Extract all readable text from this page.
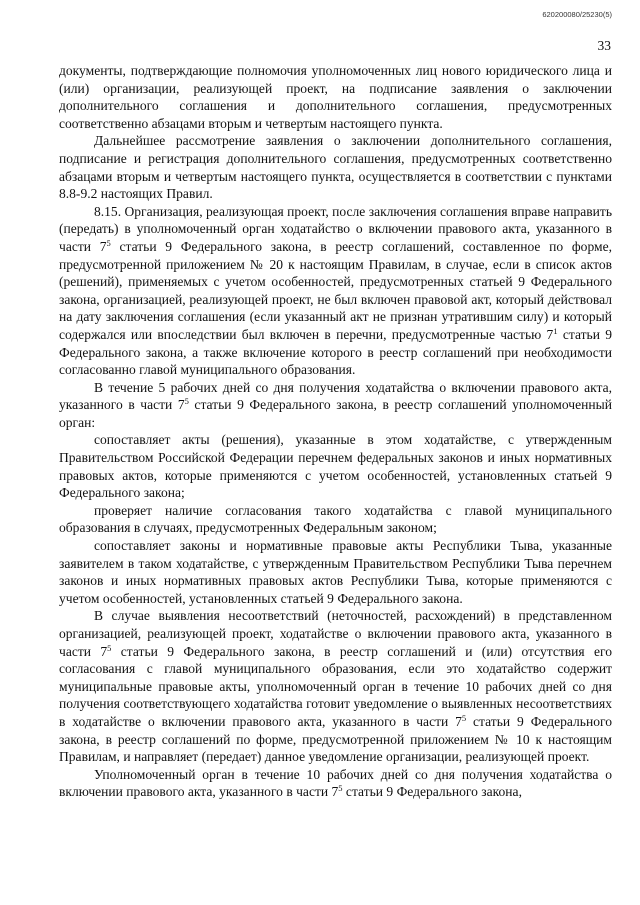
620200080/25230(5)
33

документы, подтверждающие полномочия уполномоченных лиц нового юридического лица и (или) организации, реализующей проект, на подписание заявления о заключении дополнительного соглашения и дополнительного соглашения, предусмотренных соответственно абзацами вторым и четвертым настоящего пункта.

Дальнейшее рассмотрение заявления о заключении дополнительного соглашения, подписание и регистрация дополнительного соглашения, предусмотренных соответственно абзацами вторым и четвертым настоящего пункта, осуществляется в соответствии с пунктами 8.8-9.2 настоящих Правил.

8.15. Организация, реализующая проект, после заключения соглашения вправе направить (передать) в уполномоченный орган ходатайство о включении правового акта, указанного в части $7^5$ статьи 9 Федерального закона, в реестр соглашений, составленное по форме, предусмотренной приложением № 20 к настоящим Правилам, в случае, если в список актов (решений), применяемых с учетом особенностей, предусмотренных статьей 9 Федерального закона, организацией, реализующей проект, не был включен правовой акт, который действовал на дату заключения соглашения (если указанный акт не признан утратившим силу) и который содержался или впоследствии был включен в перечни, предусмотренные частью $7^1$ статьи 9 Федерального закона, а также включение которого в реестр соглашений при необходимости согласованно главой муниципального образования.

В течение 5 рабочих дней со дня получения ходатайства о включении правового акта, указанного в части $7^5$ статьи 9 Федерального закона, в реестр соглашений уполномоченный орган:

сопоставляет акты (решения), указанные в этом ходатайстве, с утвержденным Правительством Российской Федерации перечнем федеральных законов и иных нормативных правовых актов, которые применяются с учетом особенностей, установленных статьей 9 Федерального закона;

проверяет наличие согласования такого ходатайства с главой муниципального образования в случаях, предусмотренных Федеральным законом;

сопоставляет законы и нормативные правовые акты Республики Тыва, указанные заявителем в таком ходатайстве, с утвержденным Правительством Республики Тыва перечнем законов и иных нормативных правовых актов Республики Тыва, которые применяются с учетом особенностей, установленных статьей 9 Федерального закона.

В случае выявления несоответствий (неточностей, расхождений) в представленном организацией, реализующей проект, ходатайстве о включении правового акта, указанного в части $7^5$ статьи 9 Федерального закона, в реестр соглашений и (или) отсутствия его согласования с главой муниципального образования, если это ходатайство содержит муниципальные правовые акты, уполномоченный орган в течение 10 рабочих дней со дня получения соответствующего ходатайства готовит уведомление о выявленных несоответствиях в ходатайстве о включении правового акта, указанного в части $7^5$ статьи 9 Федерального закона, в реестр соглашений по форме, предусмотренной приложением № 10 к настоящим Правилам, и направляет (передает) данное уведомление организации, реализующей проект.

Уполномоченный орган в течение 10 рабочих дней со дня получения ходатайства о включении правового акта, указанного в части $7^5$ статьи 9 Федерального закона,
